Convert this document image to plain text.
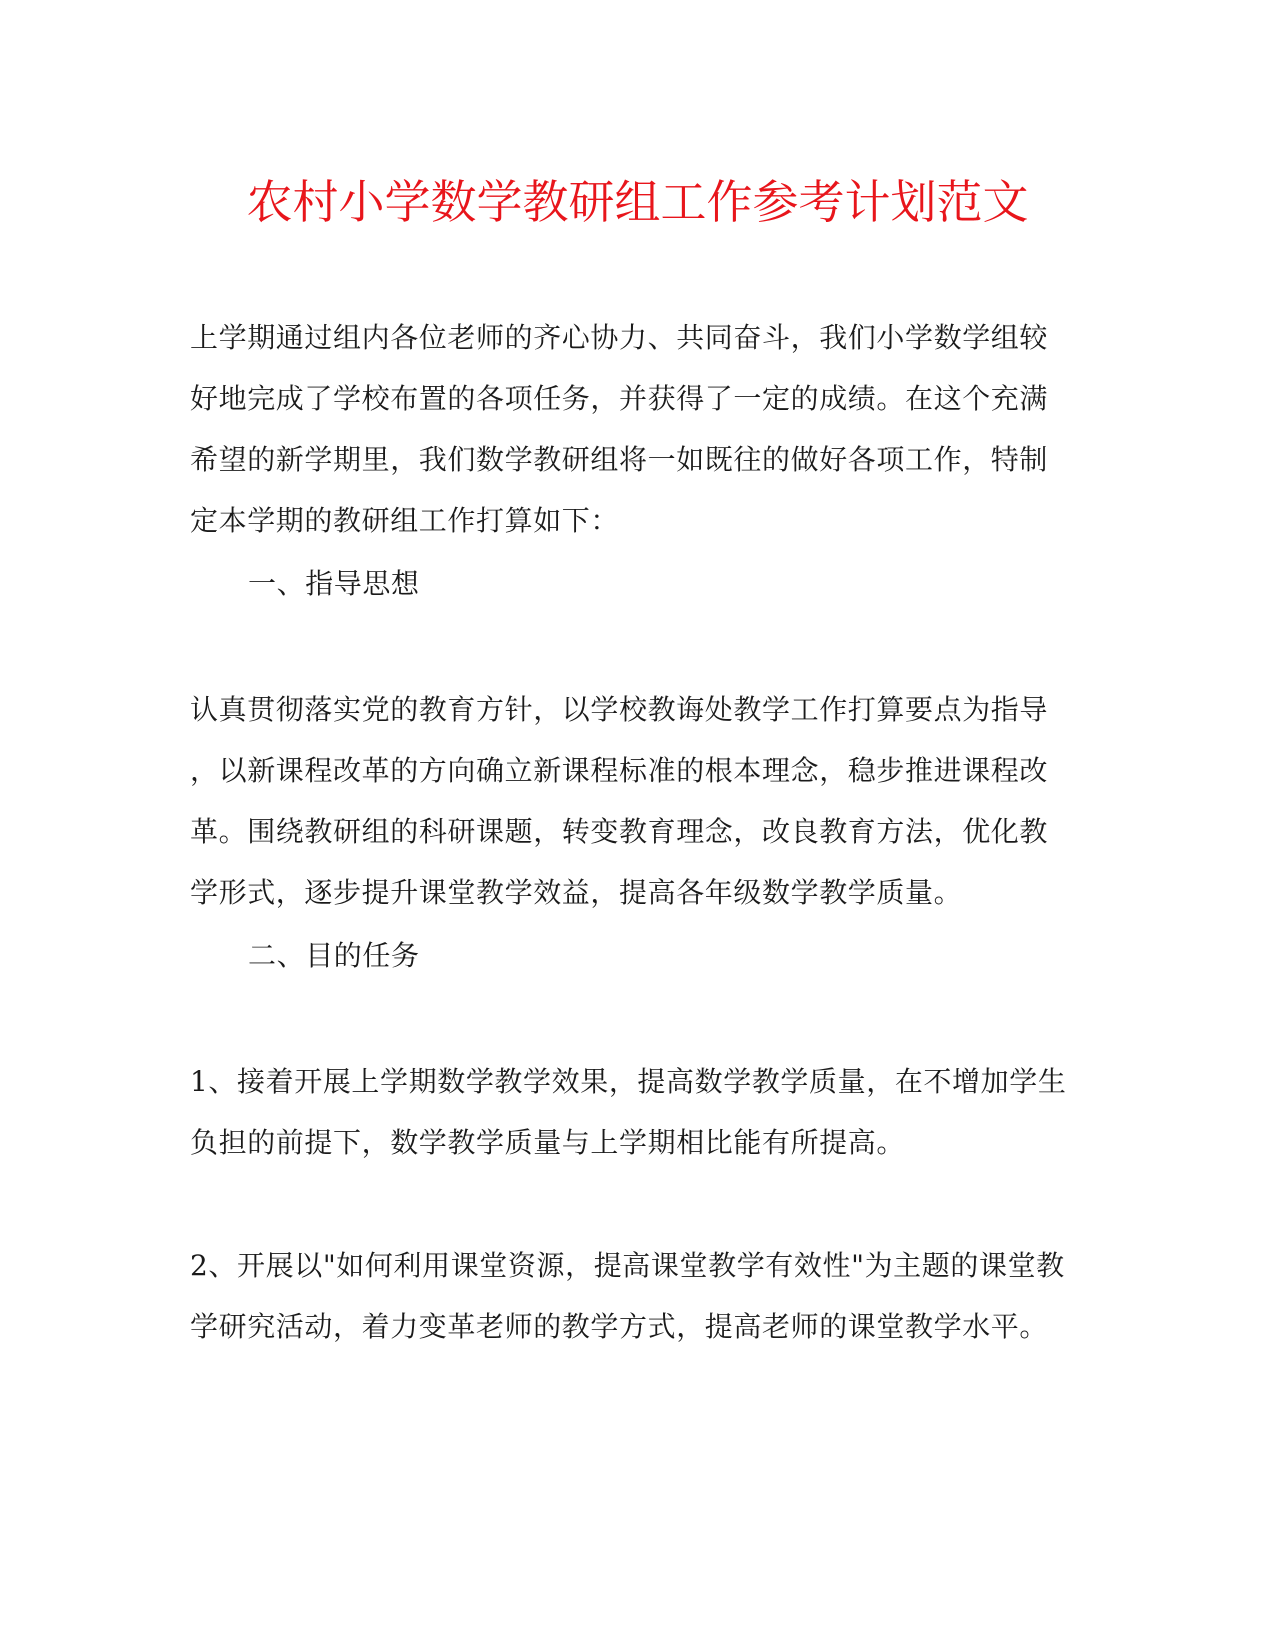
农村小学数学教研组工作参考计划范文
上学期通过组内各位老师的齐心协力、共同奋斗，我们小学数学组较
好地完成了学校布置的各项任务，并获得了一定的成绩。在这个充满
希望的新学期里，我们数学教研组将一如既往的做好各项工作，特制
定本学期的教研组工作打算如下：
一、指导思想
认真贯彻落实党的教育方针，以学校教诲处教学工作打算要点为指导
，以新课程改革的方向确立新课程标准的根本理念，稳步推进课程改
革。围绕教研组的科研课题，转变教育理念，改良教育方法，优化教
学形式，逐步提升课堂教学效益，提高各年级数学教学质量。
二、目的任务
1、接着开展上学期数学教学效果，提高数学教学质量，在不增加学生
负担的前提下，数学教学质量与上学期相比能有所提高。
2、开展以"如何利用课堂资源，提高课堂教学有效性"为主题的课堂教
学研究活动，着力变革老师的教学方式，提高老师的课堂教学水平。
